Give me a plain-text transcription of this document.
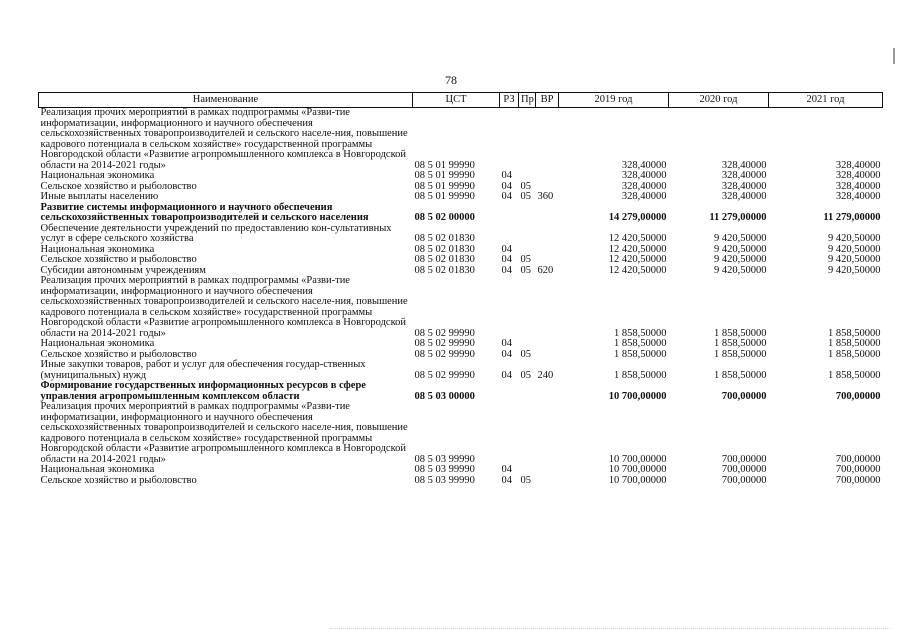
78
Наименование	ЦСТ	РЗ	Пр	ВР	2019 год	2020 год	2021 год
Реализация прочих мероприятий в рамках подпрограммы «Разви-тие информатизации, информационного и научного обеспечения сельскохозяйственных товаропроизводителей и сельского населе-ния, повышение кадрового потенциала в сельском хозяйстве» государственной программы Новгородской области «Развитие агропромышленного комплекса в Новгородской области на 2014-2021 годы»	08 5 01 99990				328,40000	328,40000	328,40000
Национальная экономика	08 5 01 99990	04			328,40000	328,40000	328,40000
Сельское хозяйство и рыболовство	08 5 01 99990	04	05		328,40000	328,40000	328,40000
Иные выплаты населению	08 5 01 99990	04	05	360	328,40000	328,40000	328,40000
Развитие системы информационного и научного обеспечения сельскохозяйственных товаропроизводителей и сельского населения	08 5 02 00000				14 279,00000	11 279,00000	11 279,00000
Обеспечение деятельности учреждений по предоставлению кон-сультативных услуг в сфере сельского хозяйства	08 5 02 01830				12 420,50000	9 420,50000	9 420,50000
Национальная экономика	08 5 02 01830	04			12 420,50000	9 420,50000	9 420,50000
Сельское хозяйство и рыболовство	08 5 02 01830	04	05		12 420,50000	9 420,50000	9 420,50000
Субсидии автономным учреждениям	08 5 02 01830	04	05	620	12 420,50000	9 420,50000	9 420,50000
Реализация прочих мероприятий в рамках подпрограммы «Разви-тие информатизации, информационного и научного обеспечения сельскохозяйственных товаропроизводителей и сельского населе-ния, повышение кадрового потенциала в сельском хозяйстве» государственной программы Новгородской области «Развитие агропромышленного комплекса в Новгородской области на 2014-2021 годы»	08 5 02 99990				1 858,50000	1 858,50000	1 858,50000
Национальная экономика	08 5 02 99990	04			1 858,50000	1 858,50000	1 858,50000
Сельское хозяйство и рыболовство	08 5 02 99990	04	05		1 858,50000	1 858,50000	1 858,50000
Иные закупки товаров, работ и услуг для обеспечения государ-ственных (муниципальных) нужд	08 5 02 99990	04	05	240	1 858,50000	1 858,50000	1 858,50000
Формирование государственных информационных ресурсов в сфере управления агропромышленным комплексом области	08 5 03 00000				10 700,00000	700,00000	700,00000
Реализация прочих мероприятий в рамках подпрограммы «Разви-тие информатизации, информационного и научного обеспечения сельскохозяйственных товаропроизводителей и сельского населе-ния, повышение кадрового потенциала в сельском хозяйстве» государственной программы Новгородской области «Развитие агропромышленного комплекса в Новгородской области на 2014-2021 годы»	08 5 03 99990				10 700,00000	700,00000	700,00000
Национальная экономика	08 5 03 99990	04			10 700,00000	700,00000	700,00000
Сельское хозяйство и рыболовство	08 5 03 99990	04	05		10 700,00000	700,00000	700,00000
